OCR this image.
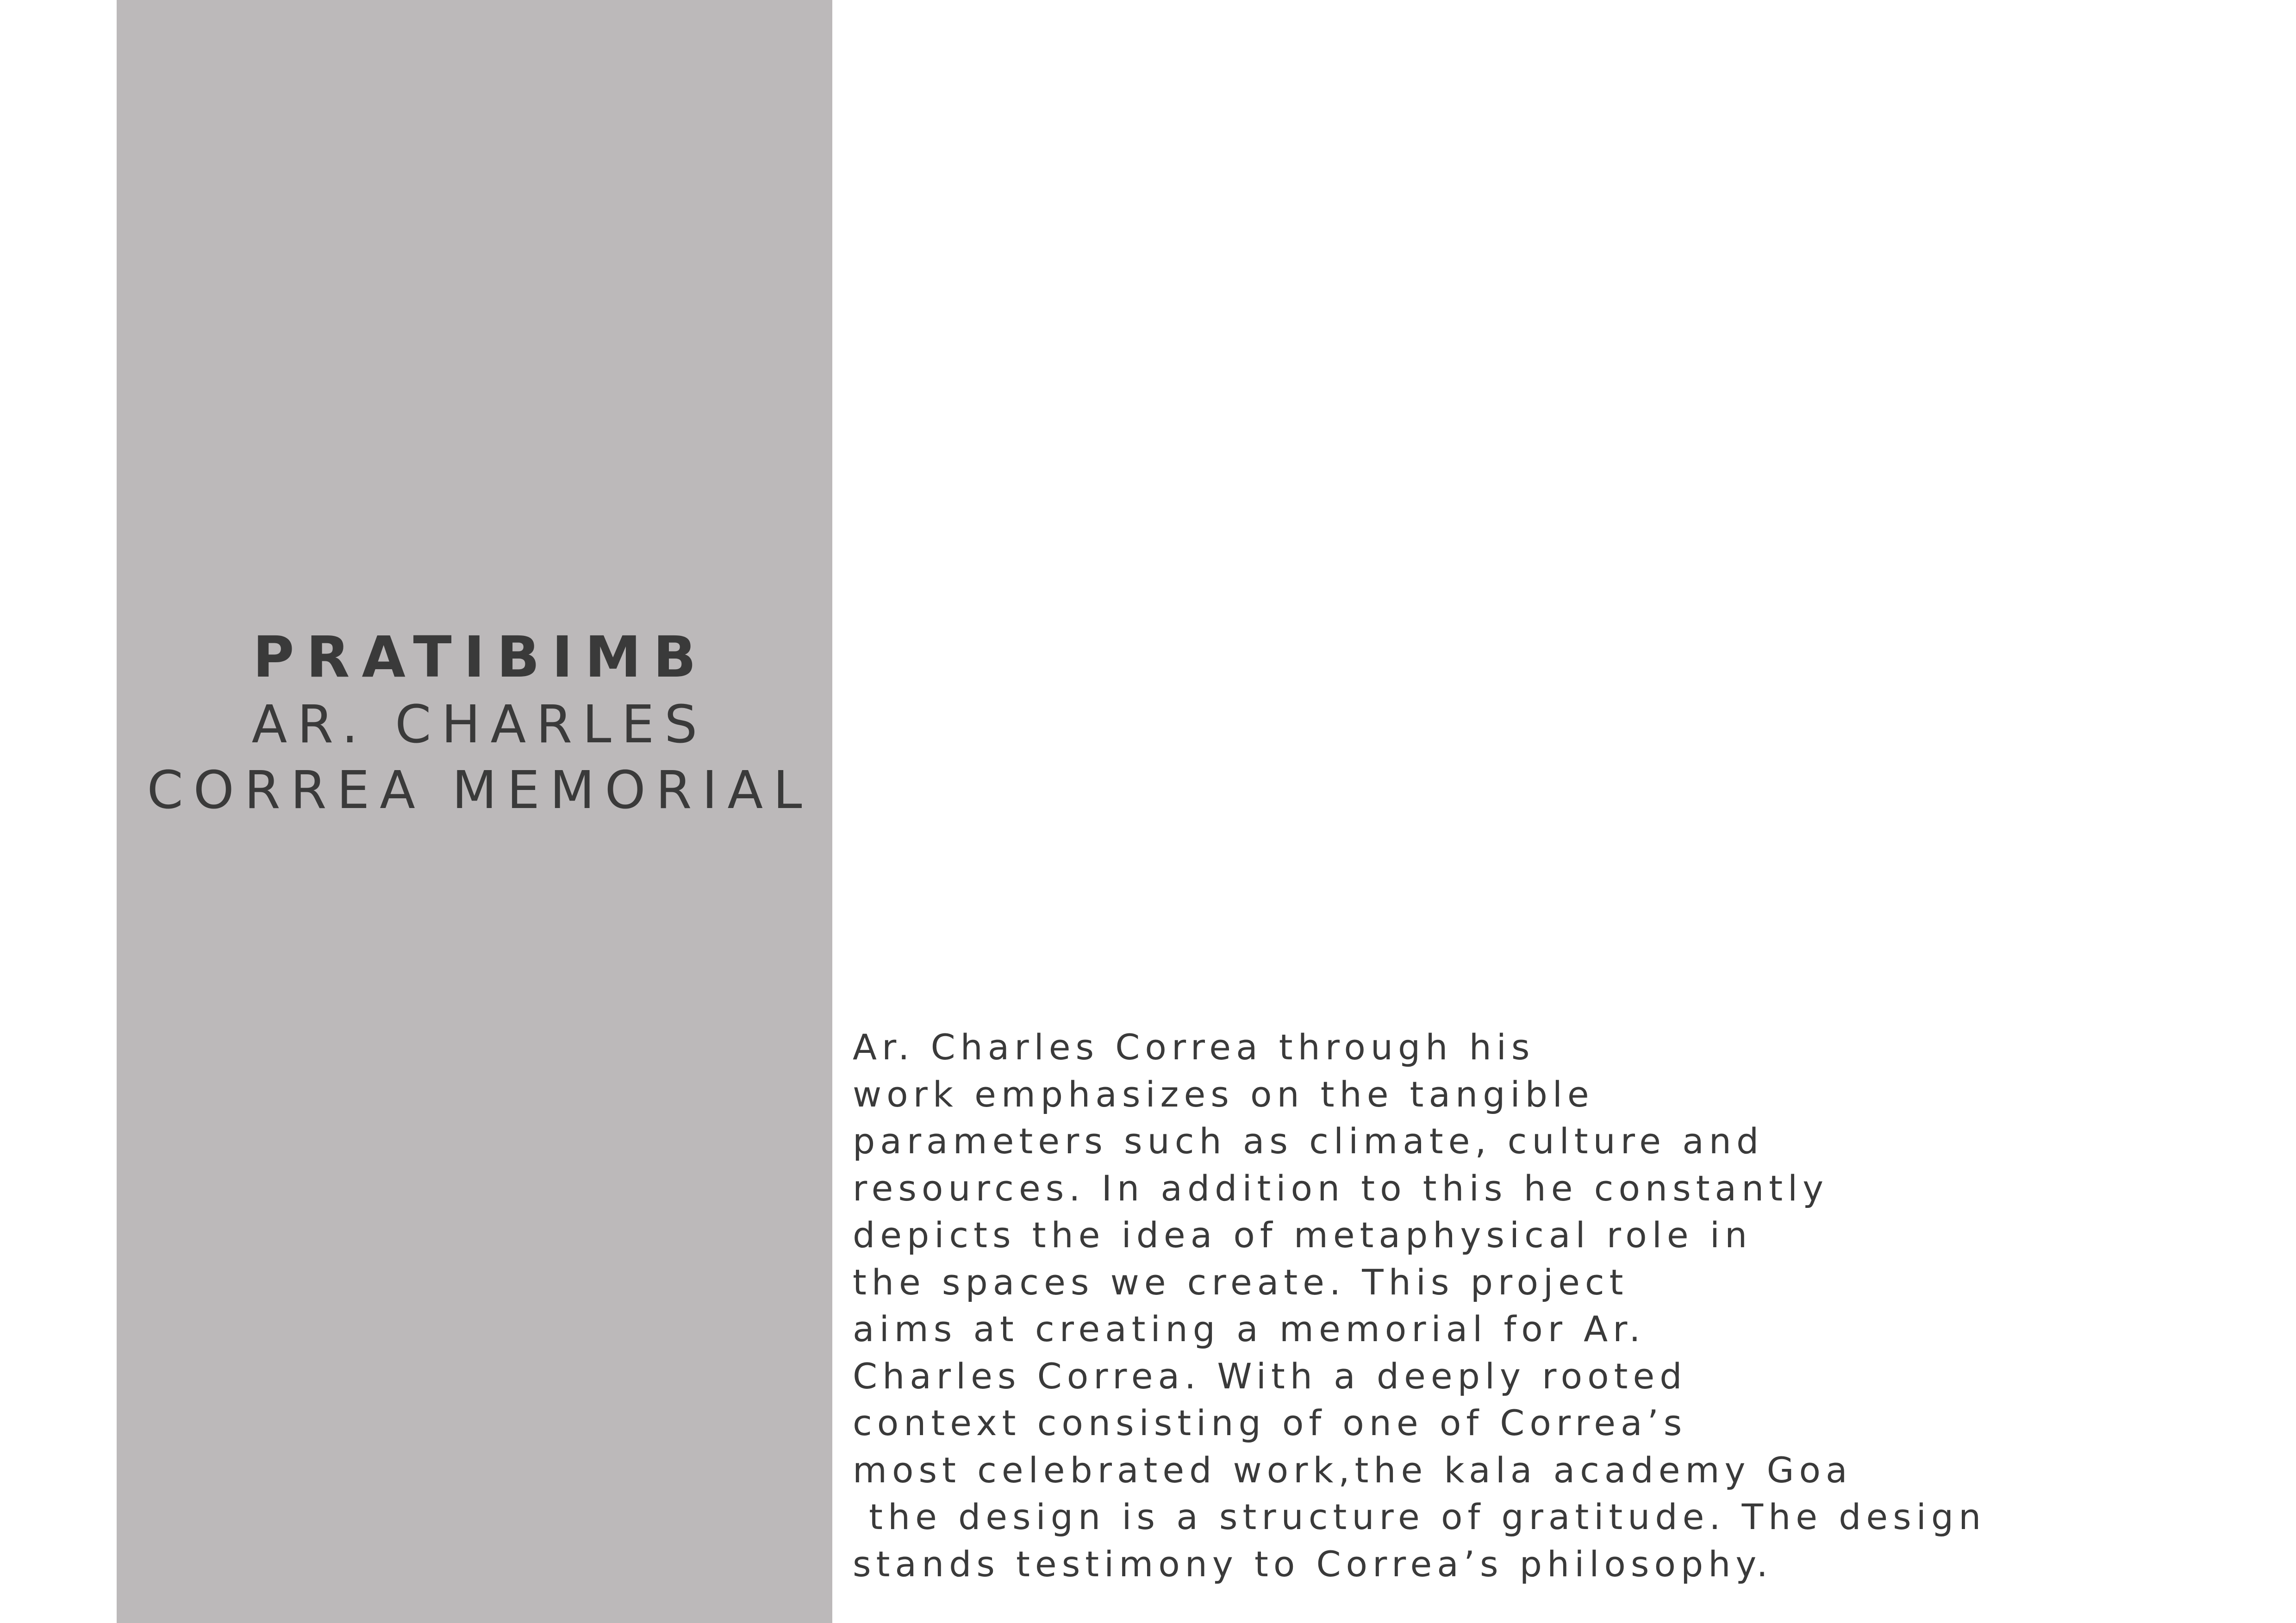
PRATIBIMB
AR. CHARLES
CORREA MEMORIAL
Ar. Charles Correa through his
work emphasizes on the tangible
parameters such as climate, culture and
resources. In addition to this he constantly
depicts the idea of metaphysical role in
the spaces we create. This project
aims at creating a memorial for Ar.
Charles Correa. With a deeply rooted
context consisting of one of Correa’s
most celebrated work,the kala academy Goa
the design is a structure of gratitude. The design
stands testimony to Correa’s philosophy.
